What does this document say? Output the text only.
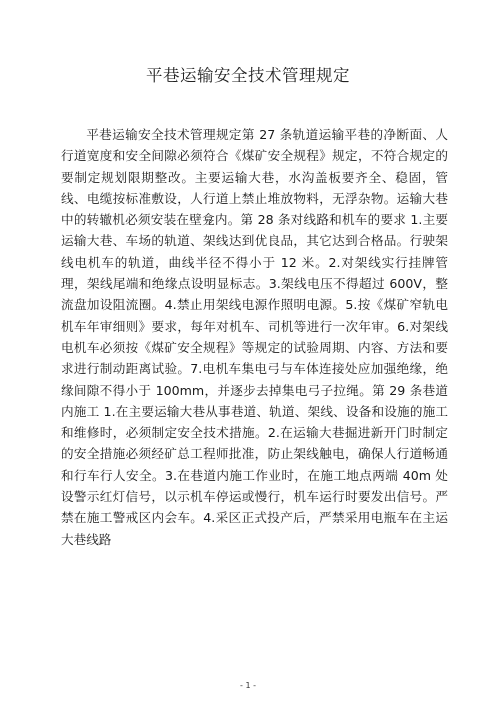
平巷运输安全技术管理规定

平巷运输安全技术管理规定第 27 条轨道运输平巷的净断面、人行道宽度和安全间隙必须符合《煤矿安全规程》规定，不符合规定的要制定规划限期整改。主要运输大巷，水沟盖板要齐全、稳固，管线、电缆按标准敷设，人行道上禁止堆放物料，无浮杂物。运输大巷中的转辙机必须安装在壁龛内。第 28 条对线路和机车的要求 1.主要运输大巷、车场的轨道、架线达到优良品，其它达到合格品。行驶架线电机车的轨道，曲线半径不得小于 12 米。2.对架线实行挂牌管理，架线尾端和绝缘点设明显标志。3.架线电压不得超过 600V，整流盘加设阻流圈。4.禁止用架线电源作照明电源。5.按《煤矿窄轨电机车年审细则》要求，每年对机车、司机等进行一次年审。6.对架线电机车必须按《煤矿安全规程》等规定的试验周期、内容、方法和要求进行制动距离试验。7.电机车集电弓与车体连接处应加强绝缘，绝缘间隙不得小于 100mm，并逐步去掉集电弓子拉绳。第 29 条巷道内施工 1.在主要运输大巷从事巷道、轨道、架线、设备和设施的施工和维修时，必须制定安全技术措施。2.在运输大巷掘进新开门时制定的安全措施必须经矿总工程师批准，防止架线触电，确保人行道畅通和行车行人安全。3.在巷道内施工作业时，在施工地点两端 40m 处设警示红灯信号，以示机车停运或慢行，机车运行时要发出信号。严禁在施工警戒区内会车。4.采区正式投产后，严禁采用电瓶车在主运大巷线路

- 1 -
